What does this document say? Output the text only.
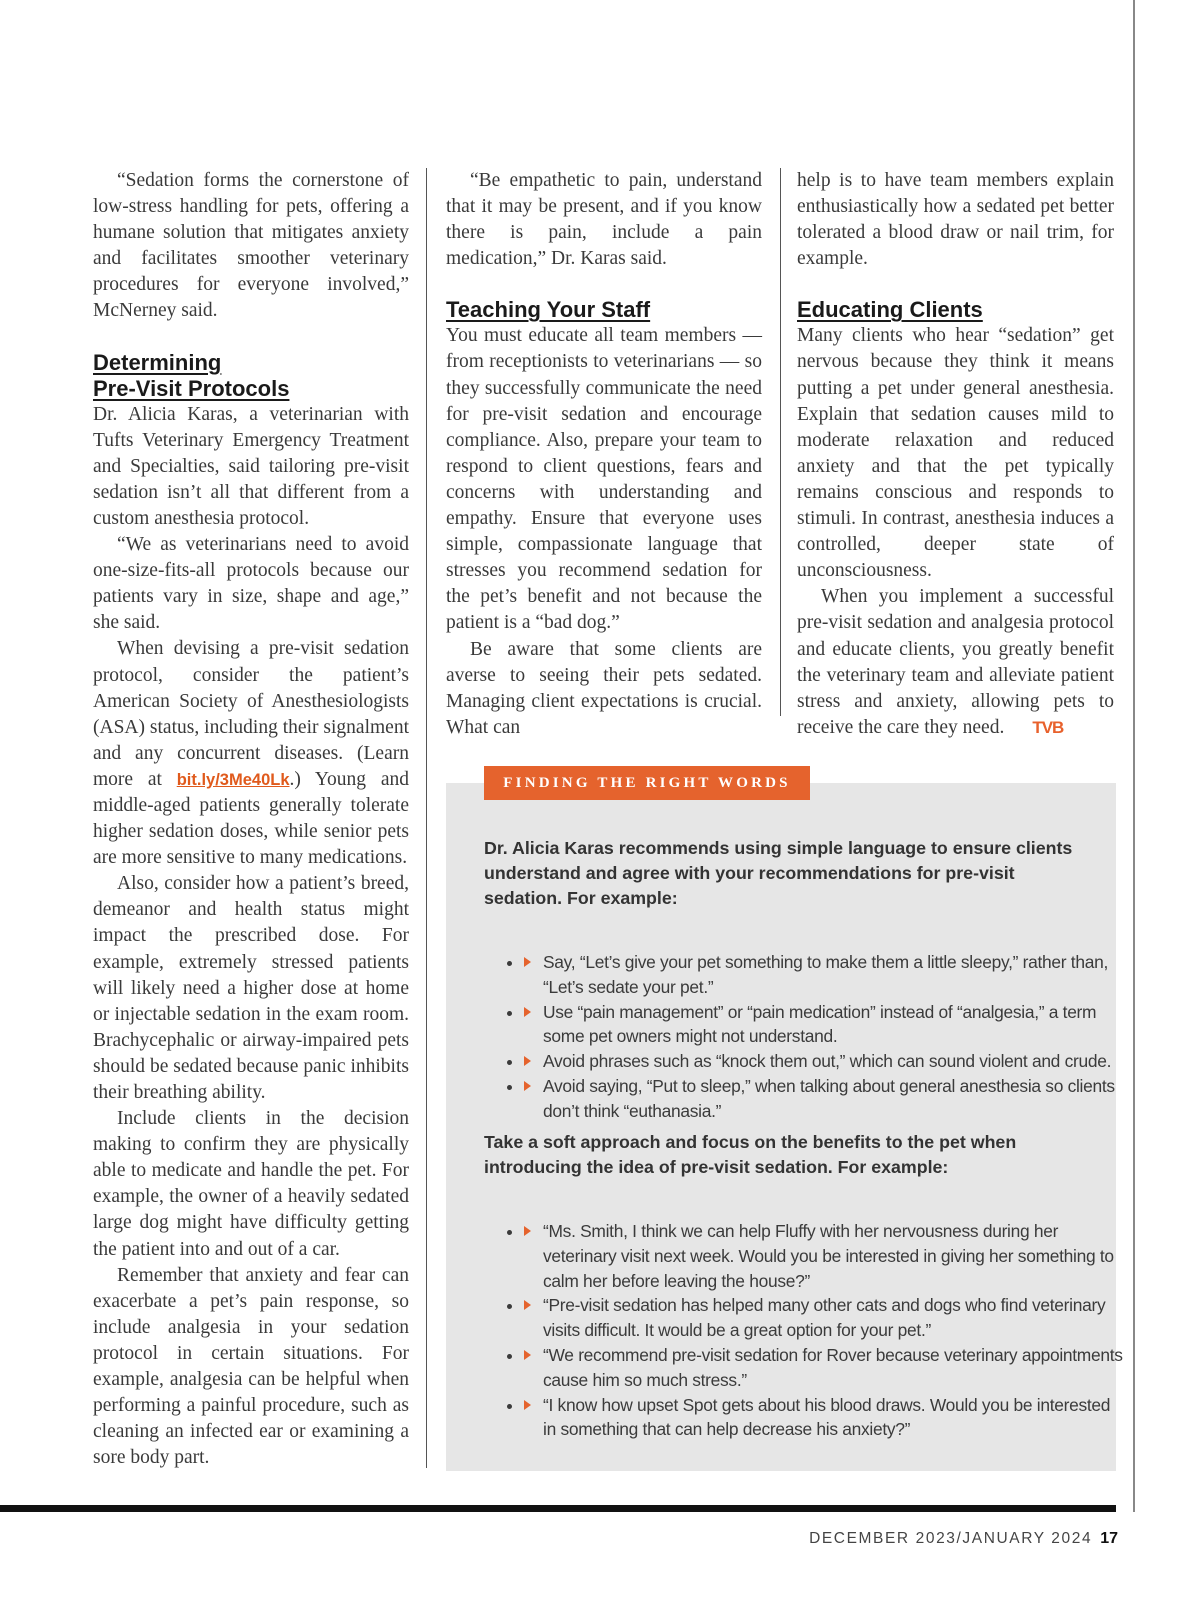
“Sedation forms the cornerstone of low-stress handling for pets, offering a humane solution that mitigates anxiety and facilitates smoother veterinary procedures for everyone involved,” McNerney said.

Determining
Pre-Visit Protocols

Dr. Alicia Karas, a veterinarian with Tufts Veterinary Emergency Treatment and Specialties, said tailoring pre-visit sedation isn’t all that different from a custom anesthesia protocol.

“We as veterinarians need to avoid one-size-fits-all protocols because our patients vary in size, shape and age,” she said.

When devising a pre-visit sedation protocol, consider the patient’s American Society of Anesthesiologists (ASA) status, including their signalment and any concurrent diseases. (Learn more at bit.ly/3Me40Lk.) Young and middle-aged patients generally tolerate higher sedation doses, while senior pets are more sensitive to many medications.

Also, consider how a patient’s breed, demeanor and health status might impact the prescribed dose. For example, extremely stressed patients will likely need a higher dose at home or injectable sedation in the exam room. Brachycephalic or airway-impaired pets should be sedated because panic inhibits their breathing ability.

Include clients in the decision making to confirm they are physically able to medicate and handle the pet. For example, the owner of a heavily sedated large dog might have difficulty getting the patient into and out of a car.

Remember that anxiety and fear can exacerbate a pet’s pain response, so include analgesia in your sedation protocol in certain situations. For example, analgesia can be helpful when performing a painful procedure, such as cleaning an infected ear or examining a sore body part.

“Be empathetic to pain, understand that it may be present, and if you know there is pain, include a pain medication,” Dr. Karas said.

Teaching Your Staff

You must educate all team members — from receptionists to veterinarians — so they successfully communicate the need for pre-visit sedation and encourage compliance. Also, prepare your team to respond to client questions, fears and concerns with understanding and empathy. Ensure that everyone uses simple, compassionate language that stresses you recommend sedation for the pet’s benefit and not because the patient is a “bad dog.”

Be aware that some clients are averse to seeing their pets sedated. Managing client expectations is crucial. What can

help is to have team members explain enthusiastically how a sedated pet better tolerated a blood draw or nail trim, for example.

Educating Clients

Many clients who hear “sedation” get nervous because they think it means putting a pet under general anesthesia. Explain that sedation causes mild to moderate relaxation and reduced anxiety and that the pet typically remains conscious and responds to stimuli. In contrast, anesthesia induces a controlled, deeper state of unconsciousness.

When you implement a successful pre-visit sedation and analgesia protocol and educate clients, you greatly benefit the veterinary team and alleviate patient stress and anxiety, allowing pets to receive the care they need. TVB

FINDING THE RIGHT WORDS
Dr. Alicia Karas recommends using simple language to ensure clients understand and agree with your recommendations for pre-visit sedation. For example:
• Say, “Let’s give your pet something to make them a little sleepy,” rather than, “Let’s sedate your pet.”
• Use “pain management” or “pain medication” instead of “analgesia,” a term some pet owners might not understand.
• Avoid phrases such as “knock them out,” which can sound violent and crude.
• Avoid saying, “Put to sleep,” when talking about general anesthesia so clients don’t think “euthanasia.”
Take a soft approach and focus on the benefits to the pet when introducing the idea of pre-visit sedation. For example:
• “Ms. Smith, I think we can help Fluffy with her nervousness during her veterinary visit next week. Would you be interested in giving her something to calm her before leaving the house?”
• “Pre-visit sedation has helped many other cats and dogs who find veterinary visits difficult. It would be a great option for your pet.”
• “We recommend pre-visit sedation for Rover because veterinary appointments cause him so much stress.”
• “I know how upset Spot gets about his blood draws. Would you be interested in something that can help decrease his anxiety?”
DECEMBER 2023/JANUARY 2024 17
